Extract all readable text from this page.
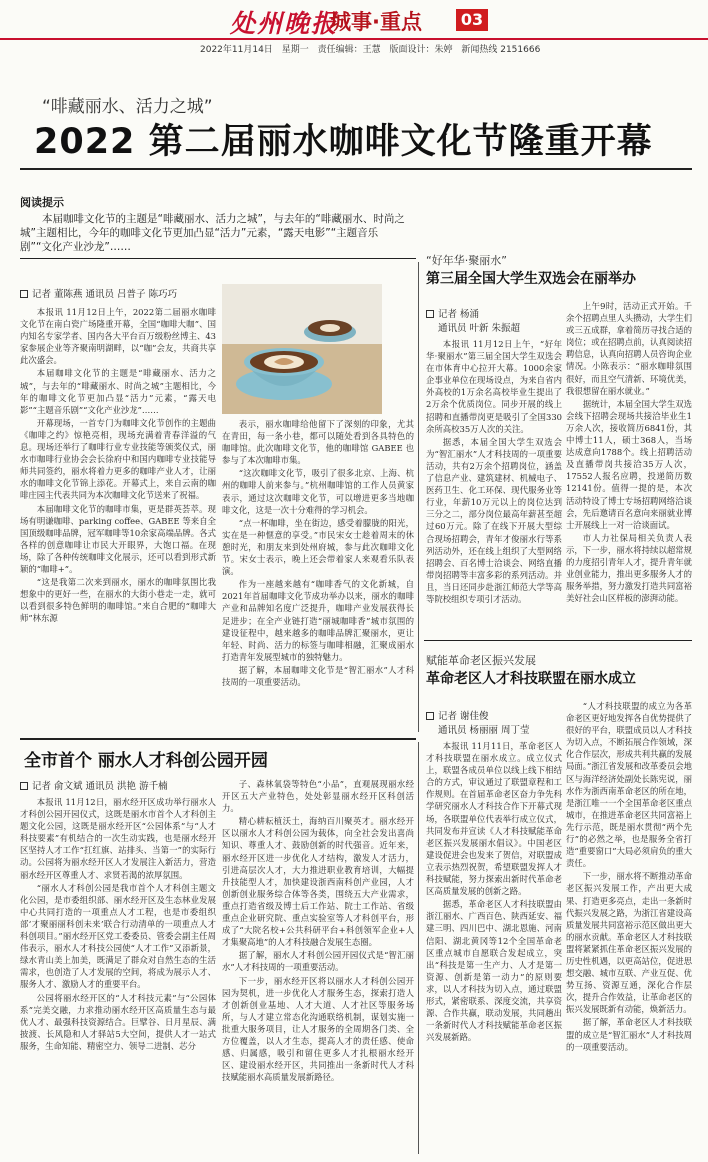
处州晚报
城事·重点	03
2022年11月14日 星期一 责任编辑：王慧 版面设计：朱婷 新闻热线 2151666
“啡藏丽水、活力之城”
2022 第二届丽水咖啡文化节隆重开幕
阅读提示
本届咖啡文化节的主题是“啡藏丽水、活力之城”，与去年的“啡藏丽水、时尚之城”主题相比，今年的咖啡文化节更加凸显“活力”元素，“露天电影”“主题音乐剧”“文化产业沙龙”……
记者 董陈燕 通讯员 吕普子 陈巧巧

本报讯 11月12日上午，2022第二届丽水咖啡文化节在南白瓷广场隆重开幕，全国“咖啡大咖”、国内知名专家学者、国内各大平台百万级粉丝博主、43家参展企业等齐聚南明湖畔，以“咖”会友，共商共享此次盛会。

本届咖啡文化节的主题是“啡藏丽水、活力之城”，与去年的“啡藏丽水、时尚之城”主题相比，今年的咖啡文化节更加凸显“活力”元素，“露天电影”“主题音乐剧”“文化产业沙龙”……

开幕现场，一首专门为咖啡文化节创作的主题曲《咖啡之约》惊艳亮相，现场充满着青春洋溢的气息。现场还举行了咖啡行业专业技能等颁奖仪式，丽水市咖啡行业协会会长徐府中和国内咖啡专业技能导师共同签约，丽水将着力更多的咖啡产业人才，让丽水的咖啡文化节锦上添花。开幕式上，来自云南的咖啡庄园主代表共同为本次咖啡文化节送来了祝福。

本届咖啡文化节的咖啡市集，更是群英荟萃。现场有明谦咖啡、parking coffee、GABEE 等来自全国顶级咖啡品牌，冠军咖啡等10余家高端品牌。各式各样的创意咖啡让市民大开眼界，大饱口福。在现场，除了各种传统咖啡文化展示，还可以看到形式新颖的“咖啡+”。

“这是我第二次来到丽水，丽水的咖啡氛围比我想象中的更好一些，在丽水的大街小巷走一走，就可以看到很多特色鲜明的咖啡馆。”来自合肥的“咖啡大师”林东源

表示，丽水咖啡给他留下了深刻的印象，尤其在青田，每一条小巷，都可以随处看到各具特色的咖啡馆。此次咖啡文化节，他的咖啡馆 GABEE 也参与了本次咖啡市集。

“这次咖啡文化节，吸引了很多北京、上海、杭州的咖啡人前来参与。”杭州咖啡馆的工作人员黄家表示，通过这次咖啡文化节，可以增进更多当地咖啡文化，这是一次十分难得的学习机会。

“点一杯咖啡，坐在街边，感受着朦胧的阳光，实在是一种惬意的享受。”市民宋女士趁着周末的休憩时光，和朋友来到处州府城，参与此次咖啡文化节。宋女士表示，晚上还会带着家人来观看乐队表演。

作为一座越来越有“咖啡香气的文化新城，自2021年首届咖啡文化节成功举办以来，丽水的咖啡产业和品牌知名度广泛提升，咖啡产业发展获得长足进步；在全产业链打造“丽城咖啡香”城市氛围的建设征程中，越来越多的咖啡品牌汇聚丽水，更让年轻、时尚、活力的标签与咖啡相融，汇聚成丽水打造青年发展型城市的独特魅力。

据了解，本届咖啡文化节是“智汇丽水”人才科技周的一项重要活动。

“好年华·聚丽水”
第三届全国大学生双选会在丽举办
记者 杨涌
通讯员 叶新 朱振超

本报讯 11月12日上午，“好年华·聚丽水”第三届全国大学生双选会在市体育中心拉开大幕。1000余家企事业单位在现场设点，为来自省内外高校的1万余名高校毕业生提出了2万余个优质岗位。同步开展的线上招聘和直播带岗更是吸引了全国330余所高校35万人次的关注。

据悉，本届全国大学生双选会为“智汇丽水”人才科技周的一项重要活动，共有2万余个招聘岗位，涵盖了信息产业、建筑建材、机械电子、医药卫生、化工环保、现代服务业等行业，年薪10万元以上的岗位达到三分之二，部分岗位最高年薪甚至超过60万元。除了在线下开展大型综合现场招聘会，青年才俊丽水行等系列活动外，还在线上组织了大型网络招聘会、百名博士洽谈会、网络直播带岗招聘等丰富多彩的系列活动。并且，当日还同步赴浙江师范大学等高等院校组织专项引才活动。

上午9时，活动正式开始。千余个招聘点里人头攒动，大学生们或三五成群，拿着简历寻找合适的岗位；或在招聘点前，认真阅读招聘信息，认真向招聘人员咨询企业情况。小陈表示：“丽水咖啡氛围很好，而且空气清新、环境优美，我很想留在丽水就业。”

据统计，本届全国大学生双选会线下招聘会现场共接洽毕业生1万余人次，接收简历6841份，其中博士11人，硕士368人，当场达成意向1788个。线上招聘活动及直播带岗共接洽35万人次，17552人报名应聘，投递简历数12141份。值得一提的是，本次活动特设了博士专场招聘网络洽谈会，先后邀请百名意向来丽就业博士开展线上一对一洽谈面试。

市人力社保局相关负责人表示，下一步，丽水将持续以超常规的力度招引青年人才，提升青年就业创业能力，推出更多服务人才的服务举措，努力激发打造共同富裕美好社会山区样板的澎湃动能。

全市首个 丽水人才科创公园开园
记者 俞文斌 通讯员 洪艳 游千楠

本报讯 11月12日，丽水经开区成功举行丽水人才科创公园开园仪式，这既是丽水市首个人才科创主题文化公园，这既是丽水经开区“公园体系”与“人才科技要素”有机结合的一次生动实践，也是丽水经开区坚持人才工作“扛红旗、站排头、当第一”的实际行动。公园将为丽水经开区人才发展注入新活力，营造丽水经开区尊重人才、求贤若渴的浓厚氛围。

“丽水人才科创公园是我市首个人才科创主题文化公园，是市委组织部、丽水经开区及生态林业发展中心共同打造的一项重点人才工程，也是市委组织部‘才聚丽丽科创未来’联合行动清单的一项重点人才科创项目。”丽水经开区党工委委员、管委会副主任周伟表示，丽水人才科技公园使“人才工作”又添新景，绿水青山美上加美，既满足了群众对自然生态的生活需求，也创造了人才发展的空间，将成为展示人才、服务人才、激励人才的重要平台。

公园将丽水经开区的“人才科技元素”与“公园体系”完美交融，力求推动丽水经开区高质量生态与最优人才、最强科技资源结合。巨擘谷、日月星辰、满披渡、长风隐和人才驿站5大空间，提供人才一站式服务，生命知能、精密空力、领导二进制、芯分

子、森林氧袋等特色“小品”，直观展现丽水经开区五大产业特色，处处彰显丽水经开区科创活力。

精心耕耘植沃土，海纳百川聚英才。丽水经开区以丽水人才科创公园为载体，向全社会发出喜尚知识、尊重人才、鼓励创新的时代强音。近年来，丽水经开区进一步优化人才结构，激发人才活力，引进高层次人才，大力推进职业教育培训，大幅提升技能型人才，加快建设浙西南科创产业园，人才创新创业服务综合体等各类，围绕五大产业需求，重点打造省级及博士后工作站、院士工作站、省级重点企业研究院、重点实验室等人才科创平台，形成了“大院名校+公共科研平台+科创领军企业+人才集聚高地”的人才科技融合发展生态圈。

据了解，丽水人才科创公园开园仪式是“智汇丽水”人才科技周的一项重要活动。

下一步，丽水经开区将以丽水人才科创公园开园为契机，进一步优化人才服务生态，探索打造人才创新创业基地、人才大道、人才社区等服务场所，与人才建立常态化沟通联络机制，谋划实施一批重大服务项目，让人才服务的全周期各门类、全方位覆盖，以人才生态，提高人才的责任感、使命感、归属感，吸引和留住更多人才扎根丽水经开区、建设丽水经开区，共同推出一条新时代人才科技赋能丽水高质量发展新路径。

赋能革命老区振兴发展
革命老区人才科技联盟在丽水成立
记者 谢佳俊
通讯员 杨丽丽 周丁莹

本报讯 11月11日，革命老区人才科技联盟在丽水成立。成立仪式上，联盟各成员单位以线上线下相结合的方式，审议通过了联盟章程和工作规则。在首届革命老区奋力争先科学研究丽水人才科技合作下开幕式现场，各联盟单位代表举行成立仪式，共同发布并宣读《人才科技赋能革命老区振兴发展丽水倡议》。中国老区建设促进会也发来了贺信，对联盟成立表示热烈祝贺，希望联盟发挥人才科技赋能，努力探索出新时代革命老区高质量发展的创新之路。

据悉，革命老区人才科技联盟由浙江丽水、广西百色、陕西延安、福建三明、四川巴中、湖北恩施、河南信阳、湖北黄冈等12个全国革命老区重点城市自愿联合发起成立，突出“科技是第一生产力、人才是第一资源、创新是第一动力”的原则要求，以人才科技为切入点，通过联盟形式，紧密联系、深度交流，共享资源、合作共赢，联动发展，共同趟出一条新时代人才科技赋能革命老区振兴发展新路。

“人才科技联盟的成立为各革命老区更好地发挥各自优势提供了很好的平台，联盟成员以人才科技为切入点，不断拓展合作领域，深化合作层次，形成共利共赢的发展局面。”浙江省发展和改革委员会地区与海洋经济处副处长陈宪说，丽水作为浙西南革命老区的所在地，是浙江唯一一个全国革命老区重点城市，在推进革命老区共同富裕上先行示范，既是丽水贯彻“两个先行”的必然之举，也是服务全省打造“重要窗口”大局必须肩负的重大责任。

下一步，丽水将不断推动革命老区振兴发展工作，产出更大成果、打造更多亮点，走出一条新时代振兴发展之路，为浙江省建设高质量发展共同富裕示范区做出更大的丽水贡献。革命老区人才科技联盟将紧紧抓住革命老区振兴发展的历史性机遇，以更高站位，促进思想交融、城市互联、产业互促、优势互扬、资源互通，深化合作层次，提升合作效益，让革命老区的振兴发展既新有动能，焕新活力。

据了解，革命老区人才科技联盟的成立是“智汇丽水”人才科技周的一项重要活动。
